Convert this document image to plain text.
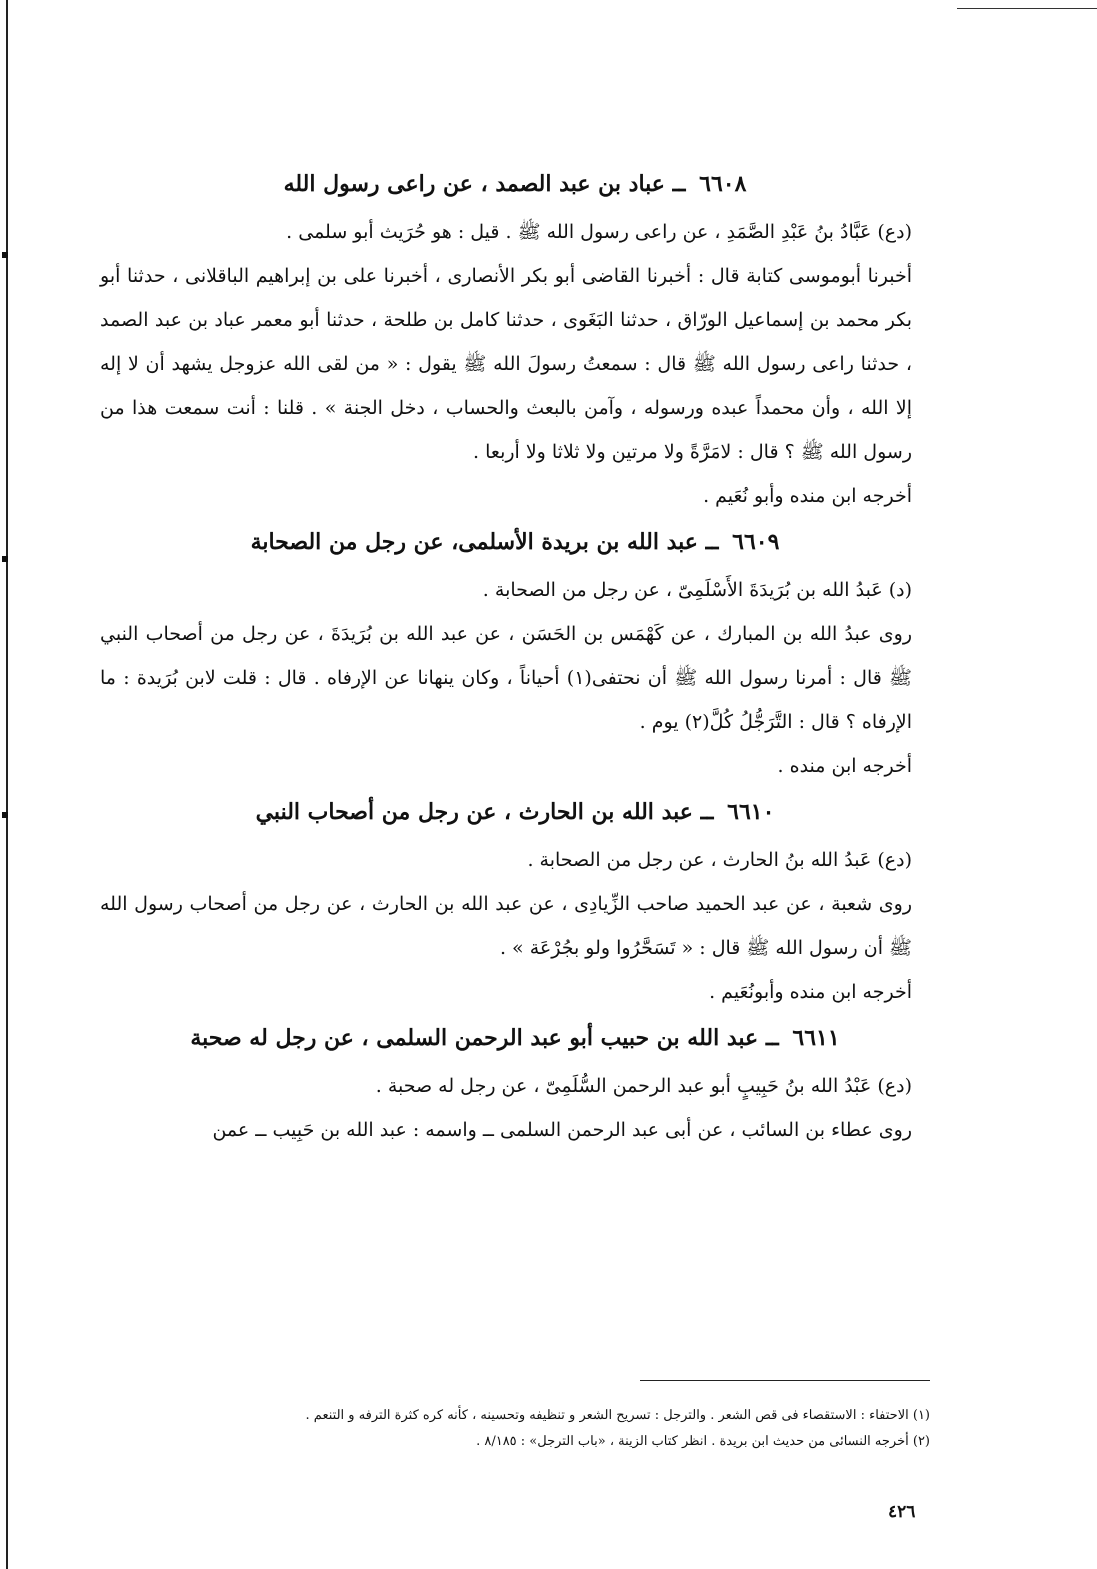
٦٦٠٨ ــ عباد بن عبد الصمد ، عن راعى رسول الله

(دع) عَبَّادُ بنُ عَبْدِ الصَّمَدِ ، عن راعى رسول الله ﷺ . قيل : هو حُرَيث أبو سلمى .

أخبرنا أبوموسى كتابة قال : أخبرنا القاضى أبو بكر الأنصارى ، أخبرنا على بن إبراهيم الباقلانى ، حدثنا أبو بكر محمد بن إسماعيل الورّاق ، حدثنا البَغَوى ، حدثنا كامل بن طلحة ، حدثنا أبو معمر عباد بن عبد الصمد ، حدثنا راعى رسول الله ﷺ قال : سمعتُ رسولَ الله ﷺ يقول : « من لقى الله عزوجل يشهد أن لا إله إلا الله ، وأن محمداً عبده ورسوله ، وآمن بالبعث والحساب ، دخل الجنة » . قلنا : أنت سمعت هذا من رسول الله ﷺ ؟ قال : لامَرَّةً ولا مرتين ولا ثلاثا ولا أربعا .

أخرجه ابن منده وأبو نُعَيم .

٦٦٠٩ ــ عبد الله بن بريدة الأسلمى، عن رجل من الصحابة

(د) عَبدُ الله بن بُرَيدَةَ الأَسْلَمِىّ ، عن رجل من الصحابة .

روى عبدُ الله بن المبارك ، عن كَهْمَس بن الحَسَن ، عن عبد الله بن بُرَيدَةَ ، عن رجل من أصحاب النبي ﷺ قال : أمرنا رسول الله ﷺ أن نحتفى(١) أحياناً ، وكان ينهانا عن الإرفاه . قال : قلت لابن بُرَيدة : ما الإرفاه ؟ قال : التَّرَجُّلُ كُلَّ(٢) يوم .

أخرجه ابن منده .

٦٦١٠ ــ عبد الله بن الحارث ، عن رجل من أصحاب النبي

(دع) عَبدُ الله بنُ الحارث ، عن رجل من الصحابة .

روى شعبة ، عن عبد الحميد صاحب الزِّيادِى ، عن عبد الله بن الحارث ، عن رجل من أصحاب رسول الله ﷺ أن رسول الله ﷺ قال : « تَسَحَّرُوا ولو بجُرْعَة » .

أخرجه ابن منده وأبونُعَيم .

٦٦١١ ــ عبد الله بن حبيب أبو عبد الرحمن السلمى ، عن رجل له صحبة

(دع) عَبْدُ الله بنُ حَبِيبٍ أبو عبد الرحمن السُّلَمِىّ ، عن رجل له صحبة .

روى عطاء بن السائب ، عن أبى عبد الرحمن السلمى ــ واسمه : عبد الله بن حَبِيب ــ عمن

(١) الاحتفاء : الاستقصاء فى قص الشعر . والترجل : تسريح الشعر و تنظيفه وتحسينه ، كأنه كره كثرة الترفه و التنعم .

(٢) أخرجه النسائى من حديث ابن بريدة . انظر كتاب الزينة ، «باب الترجل» : ٨/١٨٥ .

٤٢٦
